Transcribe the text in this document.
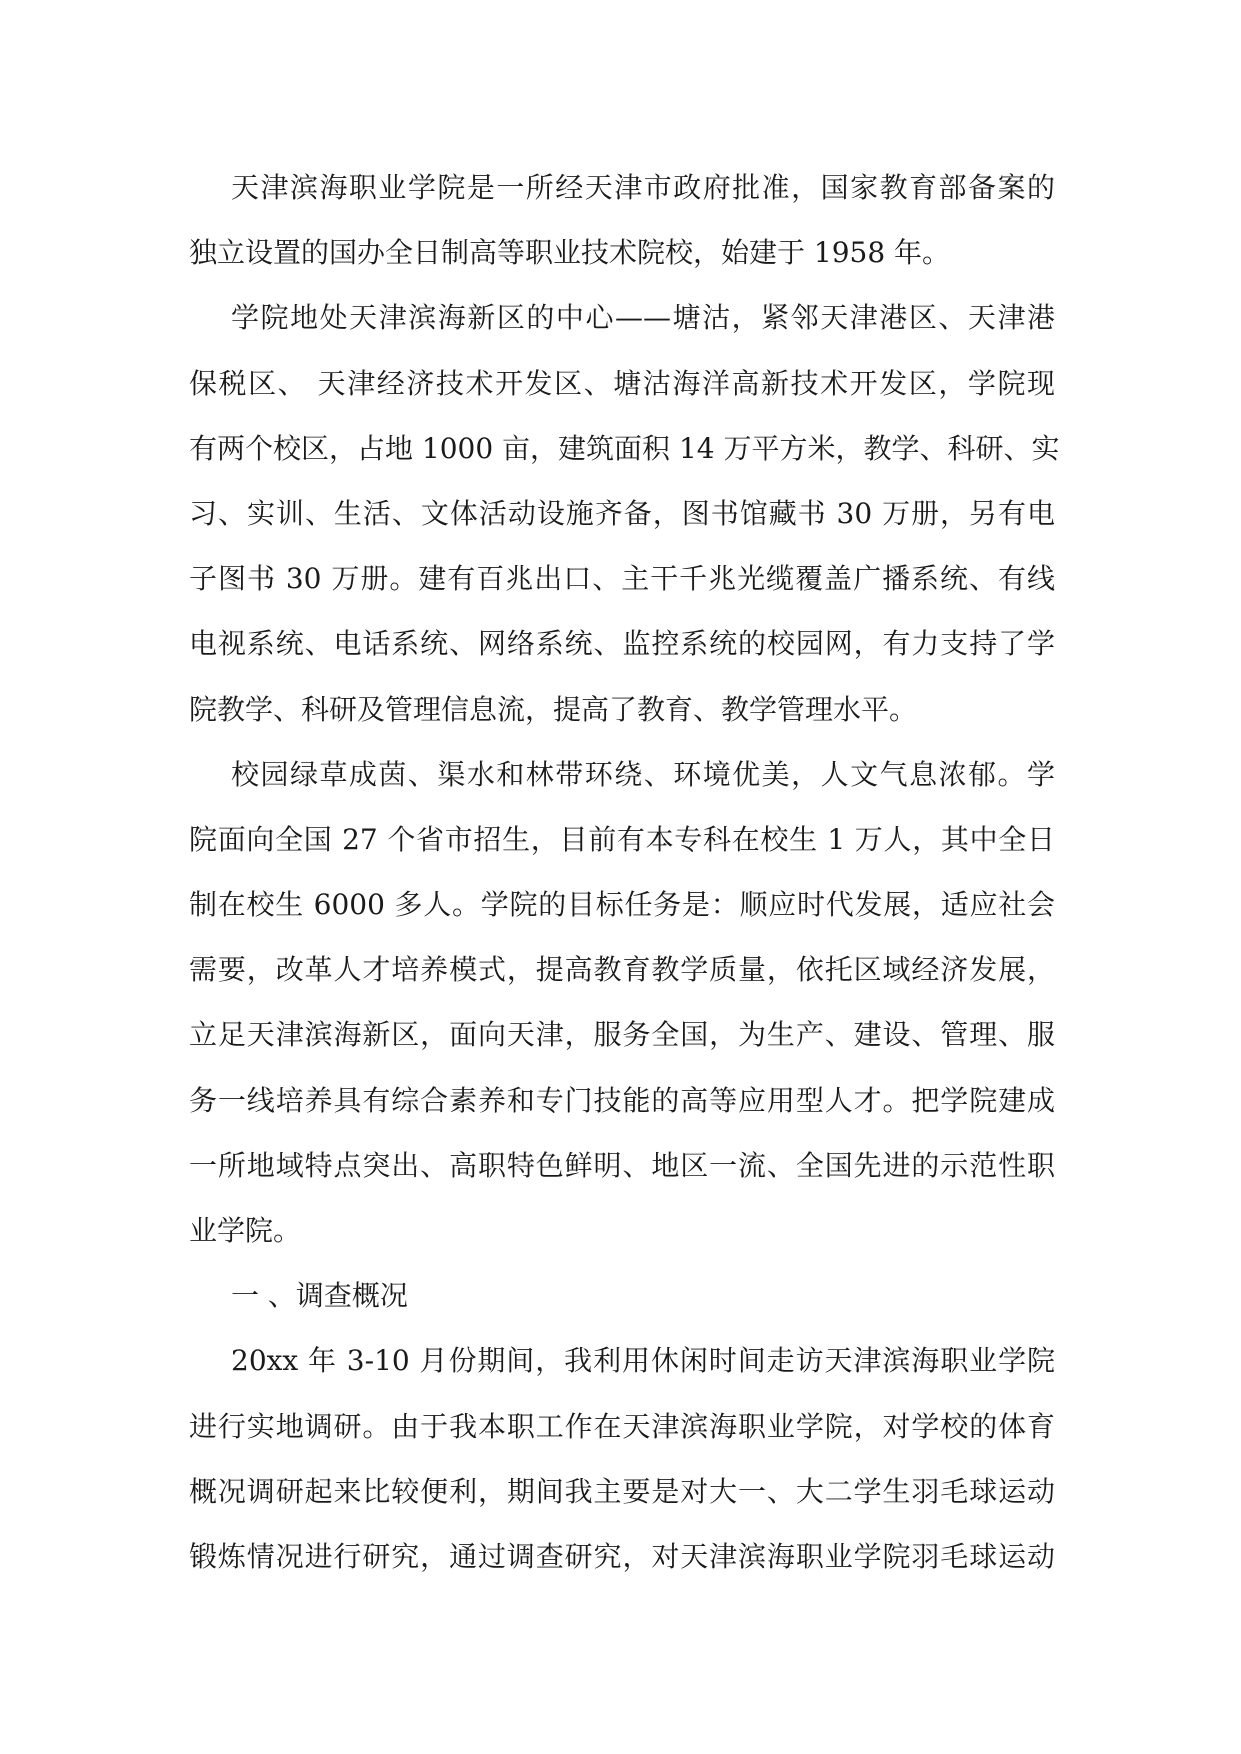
天津滨海职业学院是一所经天津市政府批准，国家教育部备案的
独立设置的国办全日制高等职业技术院校，始建于 1958 年。
学院地处天津滨海新区的中心——塘沽，紧邻天津港区、天津港
保税区、 天津经济技术开发区、塘沽海洋高新技术开发区，学院现
有两个校区，占地 1000 亩，建筑面积 14 万平方米，教学、科研、实
习、实训、生活、文体活动设施齐备，图书馆藏书 30 万册，另有电
子图书 30 万册。建有百兆出口、主干千兆光缆覆盖广播系统、有线
电视系统、电话系统、网络系统、监控系统的校园网，有力支持了学
院教学、科研及管理信息流，提高了教育、教学管理水平。
校园绿草成茵、渠水和林带环绕、环境优美，人文气息浓郁。学
院面向全国 27 个省市招生，目前有本专科在校生 1 万人，其中全日
制在校生 6000 多人。学院的目标任务是：顺应时代发展，适应社会
需要，改革人才培养模式，提高教育教学质量，依托区域经济发展，
立足天津滨海新区，面向天津，服务全国，为生产、建设、管理、服
务一线培养具有综合素养和专门技能的高等应用型人才。把学院建成
一所地域特点突出、高职特色鲜明、地区一流、全国先进的示范性职
业学院。
一 、调查概况
20xx 年 3-10 月份期间，我利用休闲时间走访天津滨海职业学院
进行实地调研。由于我本职工作在天津滨海职业学院，对学校的体育
概况调研起来比较便利，期间我主要是对大一、大二学生羽毛球运动
锻炼情况进行研究，通过调查研究，对天津滨海职业学院羽毛球运动
